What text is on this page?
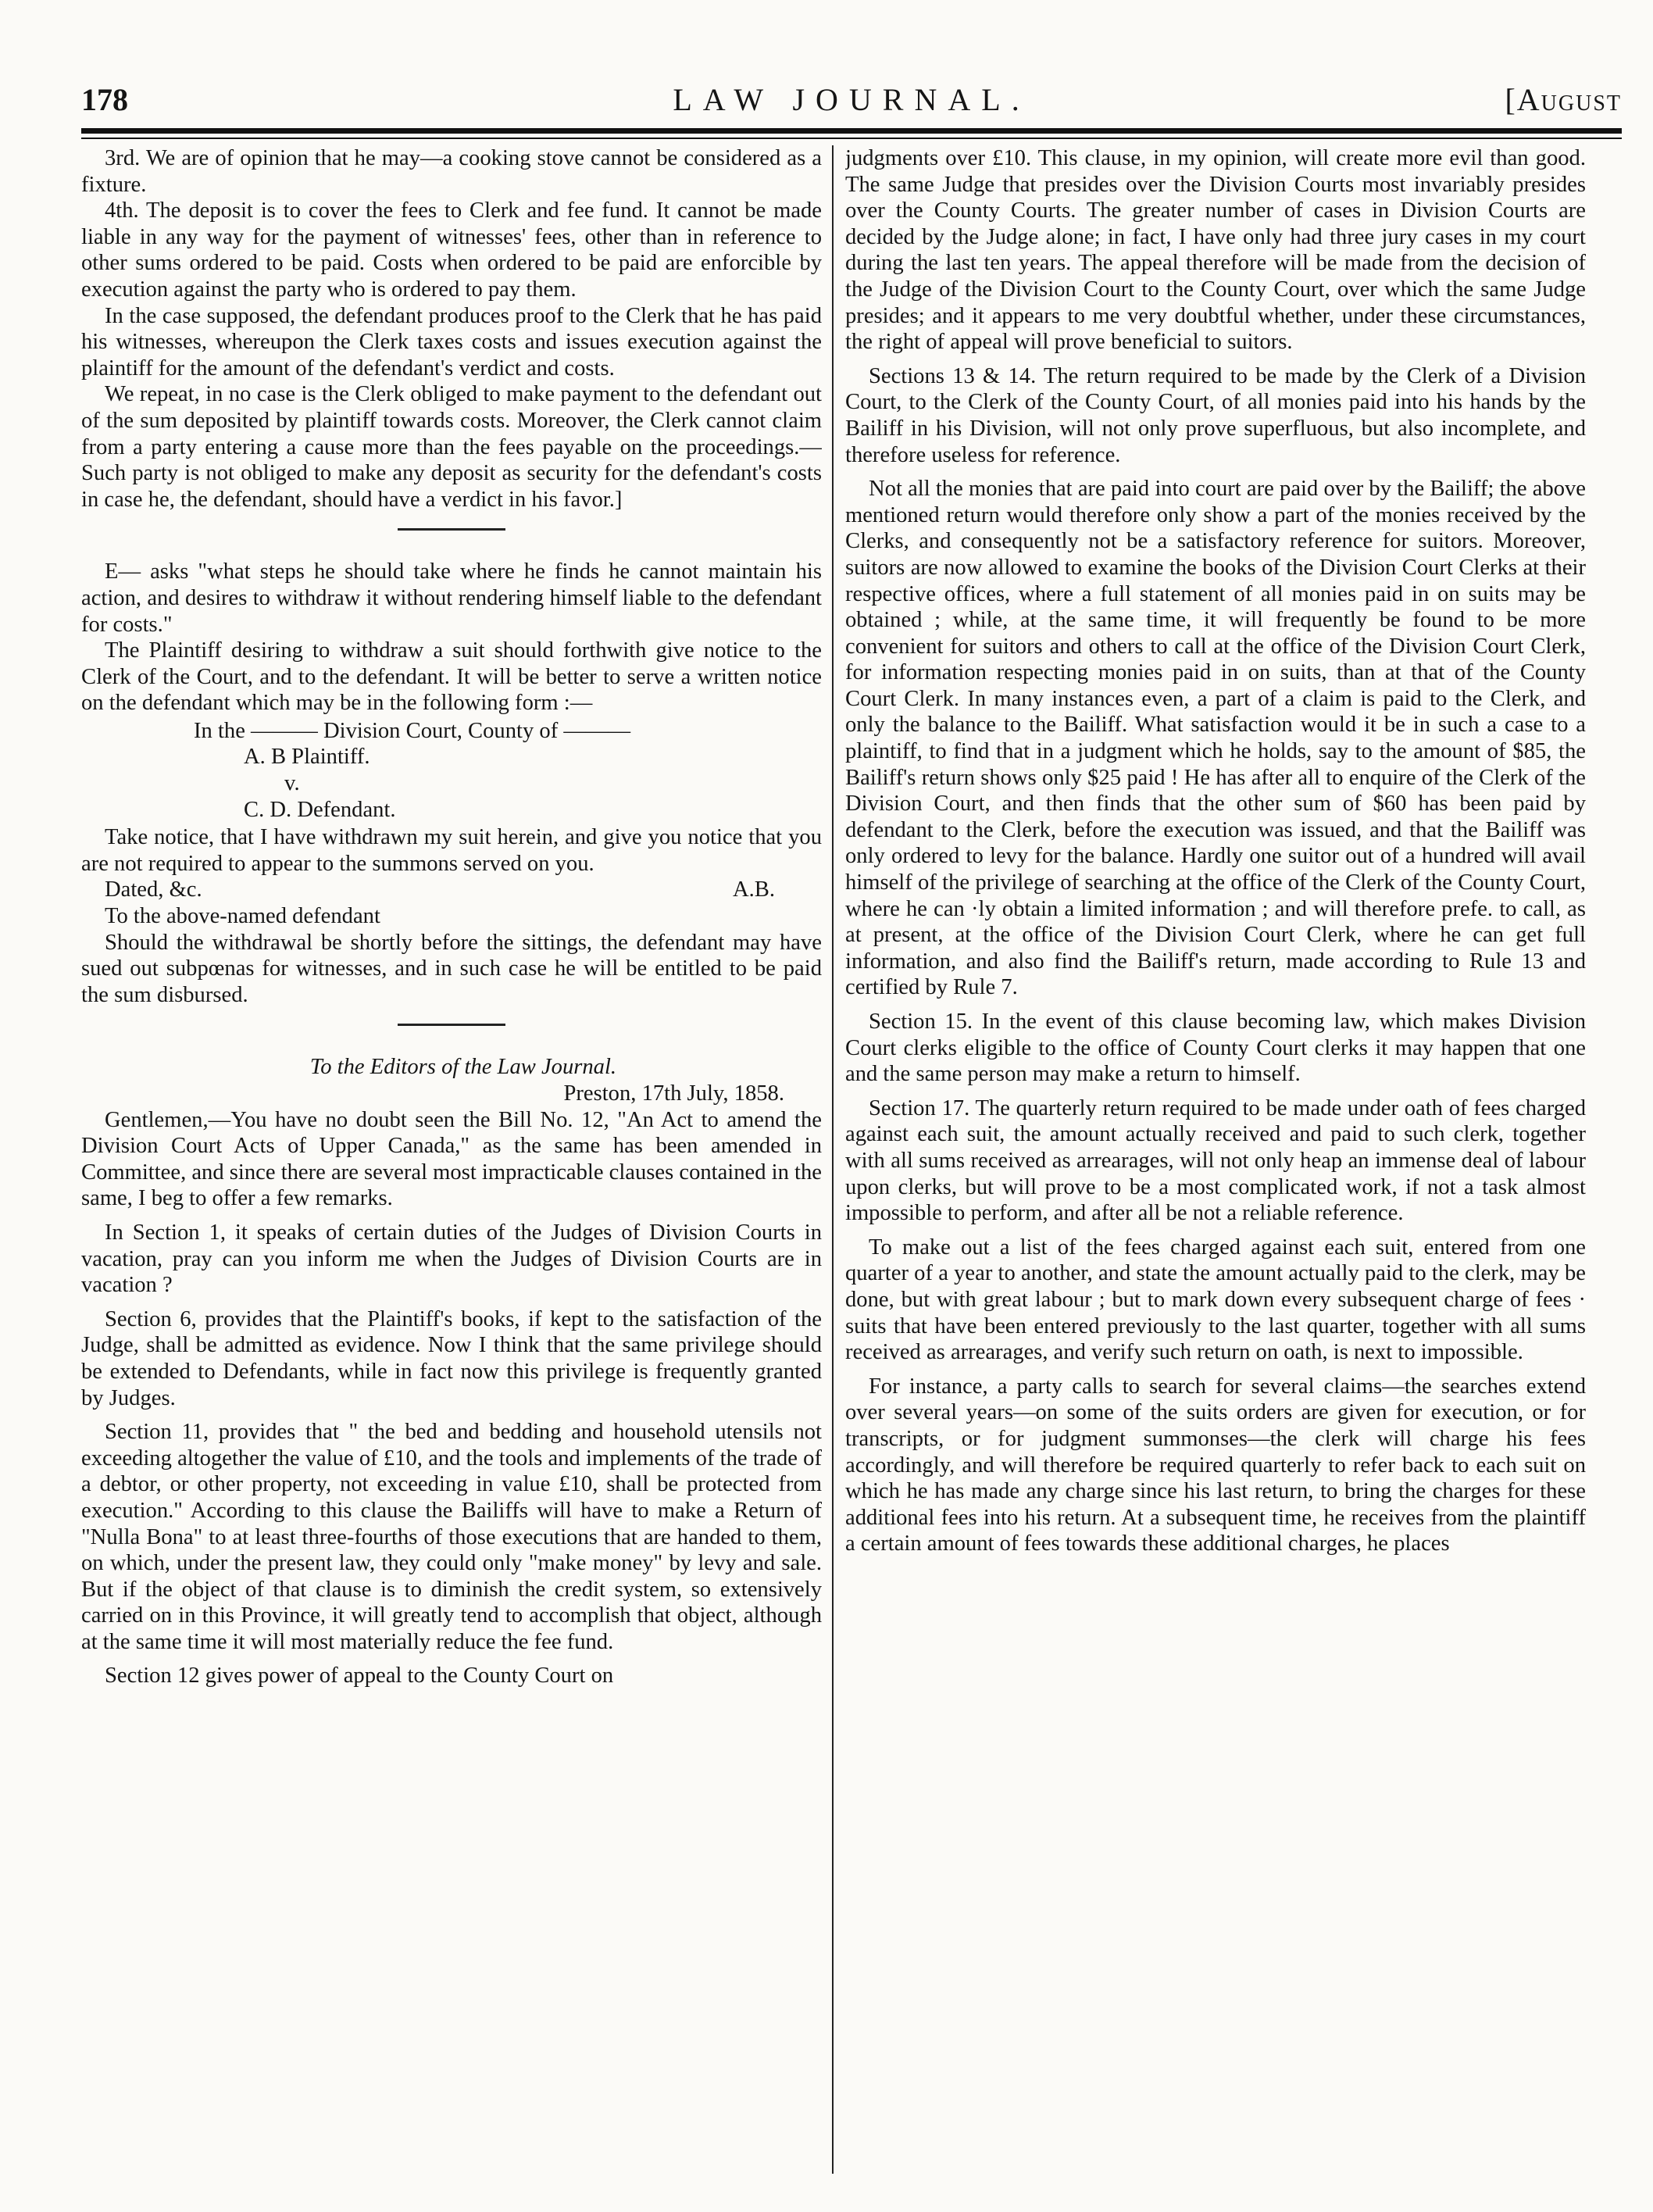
178	LAW JOURNAL.	[August

3rd. We are of opinion that he may—a cooking stove cannot be considered as a fixture.

4th. The deposit is to cover the fees to Clerk and fee fund. It cannot be made liable in any way for the payment of witnesses' fees, other than in reference to other sums ordered to be paid. Costs when ordered to be paid are enforcible by execution against the party who is ordered to pay them.

In the case supposed, the defendant produces proof to the Clerk that he has paid his witnesses, whereupon the Clerk taxes costs and issues execution against the plaintiff for the amount of the defendant's verdict and costs.

We repeat, in no case is the Clerk obliged to make payment to the defendant out of the sum deposited by plaintiff towards costs. Moreover, the Clerk cannot claim from a party entering a cause more than the fees payable on the proceedings.—Such party is not obliged to make any deposit as security for the defendant's costs in case he, the defendant, should have a verdict in his favor.]

E— asks "what steps he should take where he finds he cannot maintain his action, and desires to withdraw it without rendering himself liable to the defendant for costs."

The Plaintiff desiring to withdraw a suit should forthwith give notice to the Clerk of the Court, and to the defendant. It will be better to serve a written notice on the defendant which may be in the following form :—

In the ——— Division Court, County of ———

A. B Plaintiff.

v.

C. D. Defendant.

Take notice, that I have withdrawn my suit herein, and give you notice that you are not required to appear to the summons served on you.

Dated, &c.	A.B.

To the above-named defendant

Should the withdrawal be shortly before the sittings, the defendant may have sued out subpœnas for witnesses, and in such case he will be entitled to be paid the sum disbursed.

To the Editors of the Law Journal.

Preston, 17th July, 1858.

Gentlemen,—You have no doubt seen the Bill No. 12, "An Act to amend the Division Court Acts of Upper Canada," as the same has been amended in Committee, and since there are several most impracticable clauses contained in the same, I beg to offer a few remarks.

In Section 1, it speaks of certain duties of the Judges of Division Courts in vacation, pray can you inform me when the Judges of Division Courts are in vacation ?

Section 6, provides that the Plaintiff's books, if kept to the satisfaction of the Judge, shall be admitted as evidence. Now I think that the same privilege should be extended to Defendants, while in fact now this privilege is frequently granted by Judges.

Section 11, provides that " the bed and bedding and household utensils not exceeding altogether the value of £10, and the tools and implements of the trade of a debtor, or other property, not exceeding in value £10, shall be protected from execution." According to this clause the Bailiffs will have to make a Return of "Nulla Bona" to at least three-fourths of those executions that are handed to them, on which, under the present law, they could only "make money" by levy and sale. But if the object of that clause is to diminish the credit system, so extensively carried on in this Province, it will greatly tend to accomplish that object, although at the same time it will most materially reduce the fee fund.

Section 12 gives power of appeal to the County Court on

judgments over £10. This clause, in my opinion, will create more evil than good. The same Judge that presides over the Division Courts most invariably presides over the County Courts. The greater number of cases in Division Courts are decided by the Judge alone; in fact, I have only had three jury cases in my court during the last ten years. The appeal therefore will be made from the decision of the Judge of the Division Court to the County Court, over which the same Judge presides; and it appears to me very doubtful whether, under these circumstances, the right of appeal will prove beneficial to suitors.

Sections 13 & 14. The return required to be made by the Clerk of a Division Court, to the Clerk of the County Court, of all monies paid into his hands by the Bailiff in his Division, will not only prove superfluous, but also incomplete, and therefore useless for reference.

Not all the monies that are paid into court are paid over by the Bailiff; the above mentioned return would therefore only show a part of the monies received by the Clerks, and consequently not be a satisfactory reference for suitors. Moreover, suitors are now allowed to examine the books of the Division Court Clerks at their respective offices, where a full statement of all monies paid in on suits may be obtained ; while, at the same time, it will frequently be found to be more convenient for suitors and others to call at the office of the Division Court Clerk, for information respecting monies paid in on suits, than at that of the County Court Clerk. In many instances even, a part of a claim is paid to the Clerk, and only the balance to the Bailiff. What satisfaction would it be in such a case to a plaintiff, to find that in a judgment which he holds, say to the amount of $85, the Bailiff's return shows only $25 paid ! He has after all to enquire of the Clerk of the Division Court, and then finds that the other sum of $60 has been paid by defendant to the Clerk, before the execution was issued, and that the Bailiff was only ordered to levy for the balance. Hardly one suitor out of a hundred will avail himself of the privilege of searching at the office of the Clerk of the County Court, where he can ·ly obtain a limited information ; and will therefore prefe. to call, as at present, at the office of the Division Court Clerk, where he can get full information, and also find the Bailiff's return, made according to Rule 13 and certified by Rule 7.

Section 15. In the event of this clause becoming law, which makes Division Court clerks eligible to the office of County Court clerks it may happen that one and the same person may make a return to himself.

Section 17. The quarterly return required to be made under oath of fees charged against each suit, the amount actually received and paid to such clerk, together with all sums received as arrearages, will not only heap an immense deal of labour upon clerks, but will prove to be a most complicated work, if not a task almost impossible to perform, and after all be not a reliable reference.

To make out a list of the fees charged against each suit, entered from one quarter of a year to another, and state the amount actually paid to the clerk, may be done, but with great labour ; but to mark down every subsequent charge of fees · suits that have been entered previously to the last quarter, together with all sums received as arrearages, and verify such return on oath, is next to impossible.

For instance, a party calls to search for several claims—the searches extend over several years—on some of the suits orders are given for execution, or for transcripts, or for judgment summonses—the clerk will charge his fees accordingly, and will therefore be required quarterly to refer back to each suit on which he has made any charge since his last return, to bring the charges for these additional fees into his return. At a subsequent time, he receives from the plaintiff a certain amount of fees towards these additional charges, he places
